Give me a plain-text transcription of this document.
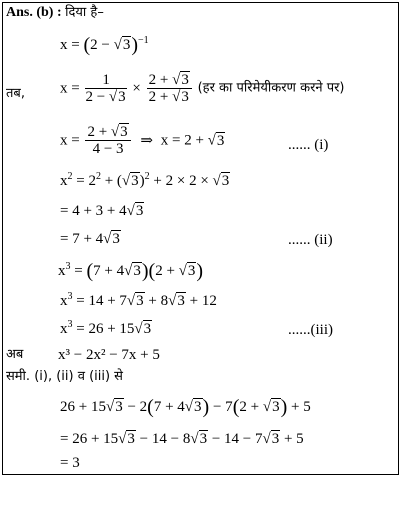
Ans. (b) : दिया है–
$x = (2 - √3)^{-1}$
तब, $x = \frac{1}{2 - √3} \times \frac{2 + √3}{2 + √3}$ (हर का परिमेयीकरण करने पर)
$x = \frac{2 + √3}{4 - 3}$ ⇒ x = 2 + √3	...... (i)
$x^2 = 2^2 + (√3)^2 + 2 \times 2 \times √3$
= 4 + 3 + 4√3
= 7 + 4√3	...... (ii)
$x^3 = (7 + 4√3)(2 + √3)$
$x^3 = 14 + 7√3 + 8√3 + 12$
$x^3 = 26 + 15√3$	......(iii)
अब x³ − 2x² − 7x + 5
समी. (i), (ii) व (iii) से
26 + 15√3 − 2(7 + 4√3) − 7(2 + √3) + 5
= 26 + 15√3 − 14 − 8√3 − 14 − 7√3 + 5
= 3
